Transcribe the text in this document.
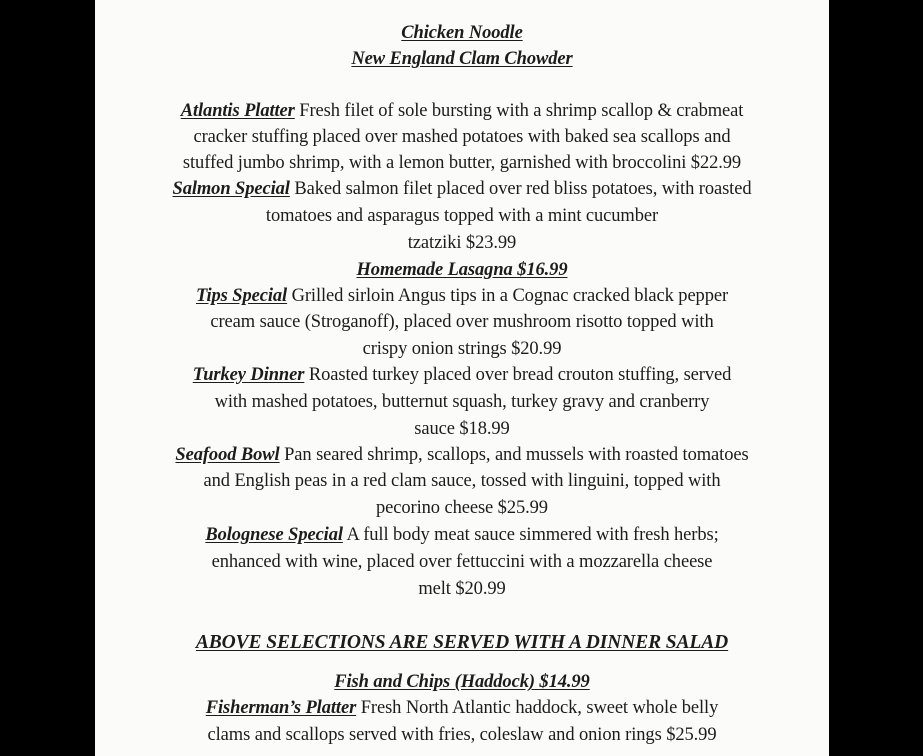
Chicken Noodle
New England Clam Chowder
Atlantis Platter Fresh filet of sole bursting with a shrimp scallop & crabmeat
cracker stuffing placed over mashed potatoes with baked sea scallops and
stuffed jumbo shrimp, with a lemon butter, garnished with broccolini $22.99
Salmon Special Baked salmon filet placed over red bliss potatoes, with roasted
tomatoes and asparagus topped with a mint cucumber
tzatziki $23.99
Homemade Lasagna $16.99
Tips Special Grilled sirloin Angus tips in a Cognac cracked black pepper
cream sauce (Stroganoff), placed over mushroom risotto topped with
crispy onion strings $20.99
Turkey Dinner Roasted turkey placed over bread crouton stuffing, served
with mashed potatoes, butternut squash, turkey gravy and cranberry
sauce $18.99
Seafood Bowl Pan seared shrimp, scallops, and mussels with roasted tomatoes
and English peas in a red clam sauce, tossed with linguini, topped with
pecorino cheese $25.99
Bolognese Special A full body meat sauce simmered with fresh herbs;
enhanced with wine, placed over fettuccini with a mozzarella cheese
melt $20.99
ABOVE SELECTIONS ARE SERVED WITH A DINNER SALAD
Fish and Chips (Haddock) $14.99
Fisherman’s Platter Fresh North Atlantic haddock, sweet whole belly
clams and scallops served with fries, coleslaw and onion rings $25.99
